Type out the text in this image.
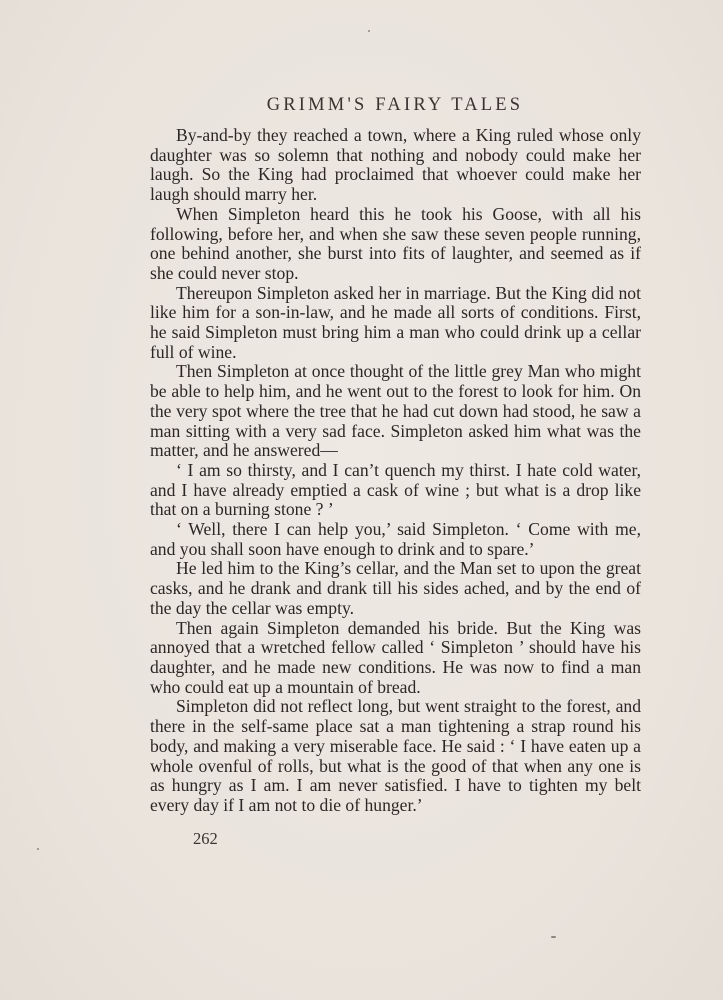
GRIMM'S FAIRY TALES

By-and-by they reached a town, where a King ruled whose only daughter was so solemn that nothing and nobody could make her laugh. So the King had proclaimed that whoever could make her laugh should marry her.

When Simpleton heard this he took his Goose, with all his following, before her, and when she saw these seven people running, one behind another, she burst into fits of laughter, and seemed as if she could never stop.

Thereupon Simpleton asked her in marriage. But the King did not like him for a son-in-law, and he made all sorts of conditions. First, he said Simpleton must bring him a man who could drink up a cellar full of wine.

Then Simpleton at once thought of the little grey Man who might be able to help him, and he went out to the forest to look for him. On the very spot where the tree that he had cut down had stood, he saw a man sitting with a very sad face. Simpleton asked him what was the matter, and he answered—

‘ I am so thirsty, and I can’t quench my thirst. I hate cold water, and I have already emptied a cask of wine ; but what is a drop like that on a burning stone ? ’

‘ Well, there I can help you,’ said Simpleton. ‘ Come with me, and you shall soon have enough to drink and to spare.’

He led him to the King’s cellar, and the Man set to upon the great casks, and he drank and drank till his sides ached, and by the end of the day the cellar was empty.

Then again Simpleton demanded his bride. But the King was annoyed that a wretched fellow called ‘ Simpleton ’ should have his daughter, and he made new conditions. He was now to find a man who could eat up a mountain of bread.

Simpleton did not reflect long, but went straight to the forest, and there in the self-same place sat a man tightening a strap round his body, and making a very miserable face. He said : ‘ I have eaten up a whole ovenful of rolls, but what is the good of that when any one is as hungry as I am. I am never satisfied. I have to tighten my belt every day if I am not to die of hunger.’

262
